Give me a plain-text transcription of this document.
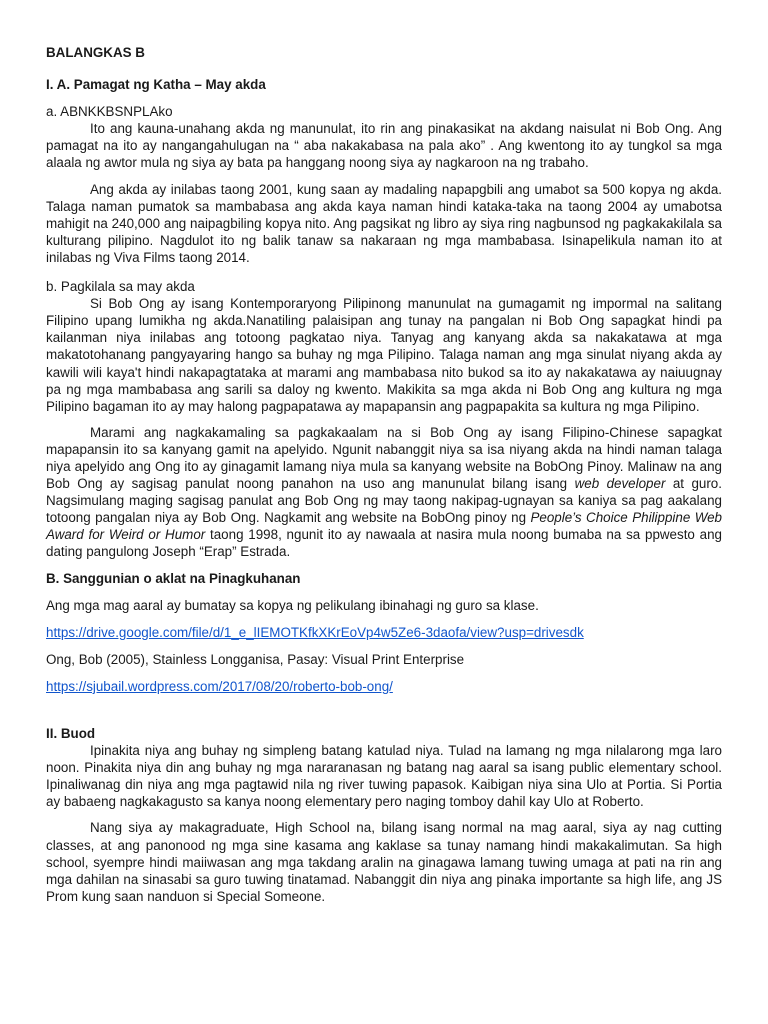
BALANGKAS B

I. A. Pamagat ng Katha – May akda

a. ABNKKBSNPLAko

Ito ang kauna-unahang akda ng manunulat, ito rin ang pinakasikat na akdang naisulat ni Bob Ong. Ang pamagat na ito ay nangangahulugan na “ aba nakakabasa na pala ako” . Ang kwentong ito ay tungkol sa mga alaala ng awtor mula ng siya ay bata pa hanggang noong siya ay nagkaroon na ng trabaho.

Ang akda ay inilabas taong 2001, kung saan ay madaling napapgbili ang umabot sa 500 kopya ng akda. Talaga naman pumatok sa mambabasa ang akda kaya naman hindi kataka-taka na taong 2004 ay umabotsa mahigit na 240,000 ang naipagbiling kopya nito. Ang pagsikat ng libro ay siya ring nagbunsod ng pagkakakilala sa kulturang pilipino. Nagdulot ito ng balik tanaw sa nakaraan ng mga mambabasa. Isinapelikula naman ito at inilabas ng Viva Films taong 2014.

b. Pagkilala sa may akda

Si Bob Ong ay isang Kontemporaryong Pilipinong manunulat na gumagamit ng impormal na salitang Filipino upang lumikha ng akda.Nanatiling palaisipan ang tunay na pangalan ni Bob Ong sapagkat hindi pa kailanman niya inilabas ang totoong pagkatao niya. Tanyag ang kanyang akda sa nakakatawa at mga makatotohanang pangyayaring hango sa buhay ng mga Pilipino. Talaga naman ang mga sinulat niyang akda ay kawili wili kaya't hindi nakapagtataka at marami ang mambabasa nito bukod sa ito ay nakakatawa ay naiuugnay pa ng mga mambabasa ang sarili sa daloy ng kwento. Makikita sa mga akda ni Bob Ong ang kultura ng mga Pilipino bagaman ito ay may halong pagpapatawa ay mapapansin ang pagpapakita sa kultura ng mga Pilipino.

Marami ang nagkakamaling sa pagkakaalam na si Bob Ong ay isang Filipino-Chinese sapagkat mapapansin ito sa kanyang gamit na apelyido. Ngunit nabanggit niya sa isa niyang akda na hindi naman talaga niya apelyido ang Ong ito ay ginagamit lamang niya mula sa kanyang website na BobOng Pinoy. Malinaw na ang Bob Ong ay sagisag panulat noong panahon na uso ang manunulat bilang isang web developer at guro. Nagsimulang maging sagisag panulat ang Bob Ong ng may taong nakipag-ugnayan sa kaniya sa pag aakalang totoong pangalan niya ay Bob Ong. Nagkamit ang website na BobOng pinoy ng People’s Choice Philippine Web Award for Weird or Humor taong 1998, ngunit ito ay nawaala at nasira mula noong bumaba na sa ppwesto ang dating pangulong Joseph “Erap” Estrada.

B. Sanggunian o aklat na Pinagkuhanan

Ang mga mag aaral ay bumatay sa kopya ng pelikulang ibinahagi ng guro sa klase.

https://drive.google.com/file/d/1_e_lIEMOTKfkXKrEoVp4w5Ze6-3daofa/view?usp=drivesdk

Ong, Bob (2005), Stainless Longganisa, Pasay: Visual Print Enterprise

https://sjubail.wordpress.com/2017/08/20/roberto-bob-ong/

II. Buod

Ipinakita niya ang buhay ng simpleng batang katulad niya. Tulad na lamang ng mga nilalarong mga laro noon. Pinakita niya din ang buhay ng mga nararanasan ng batang nag aaral sa isang public elementary school. Ipinaliwanag din niya ang mga pagtawid nila ng river tuwing papasok. Kaibigan niya sina Ulo at Portia. Si Portia ay babaeng nagkakagusto sa kanya noong elementary pero naging tomboy dahil kay Ulo at Roberto.

Nang siya ay makagraduate, High School na, bilang isang normal na mag aaral, siya ay nag cutting classes, at ang panonood ng mga sine kasama ang kaklase sa tunay namang hindi makakalimutan. Sa high school, syempre hindi maiiwasan ang mga takdang aralin na ginagawa lamang tuwing umaga at pati na rin ang mga dahilan na sinasabi sa guro tuwing tinatamad. Nabanggit din niya ang pinaka importante sa high life, ang JS Prom kung saan nanduon si Special Someone.
